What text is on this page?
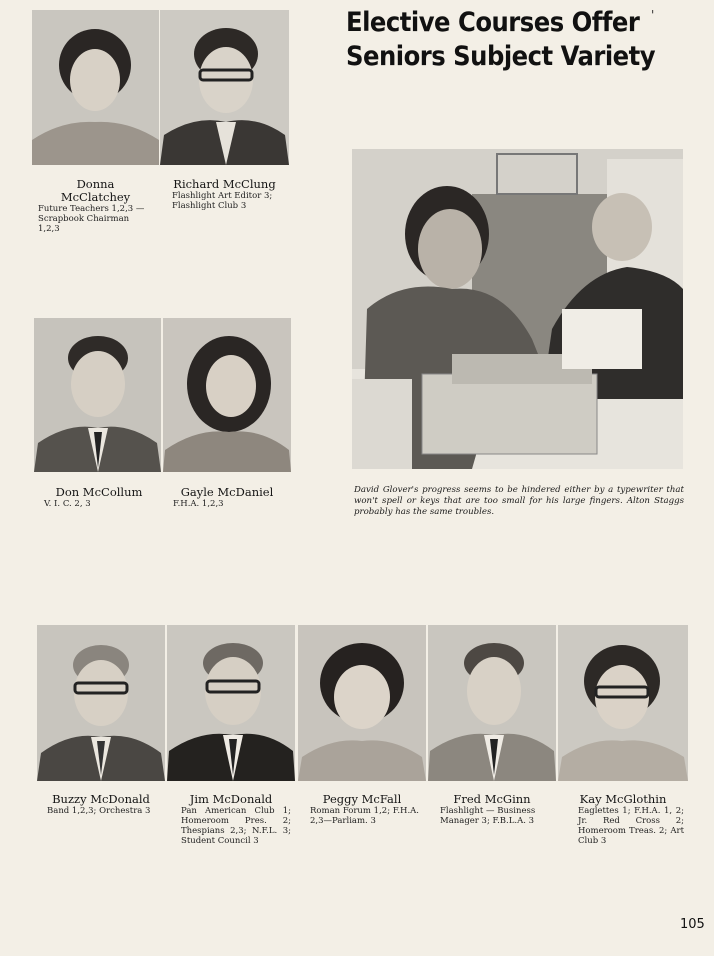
Elective Courses Offer
Seniors Subject Variety
'
Donna McClatchey
Future Teachers 1,2,3 —Scrapbook Chairman 1,2,3
Richard McClung
Flashlight Art Editor 3; Flashlight Club 3
Don McCollum
V. I. C. 2, 3
Gayle McDaniel
F.H.A. 1,2,3
David Glover's progress seems to be hindered either by a typewriter that won't spell or keys that are too small for his large fingers. Alton Staggs probably has the same troubles.
Buzzy McDonald
Band 1,2,3; Orchestra 3
Jim McDonald
Pan American Club 1; Homeroom Pres. 2; Thespians 2,3; N.F.L. 3; Student Council 3
Peggy McFall
Roman Forum 1,2; F.H.A. 2,3—Parliam. 3
Fred McGinn
Flashlight — Business Manager 3; F.B.L.A. 3
Kay McGlothin
Eaglettes 1; F.H.A. 1, 2; Jr. Red Cross 2; Homeroom Treas. 2; Art Club 3
105
